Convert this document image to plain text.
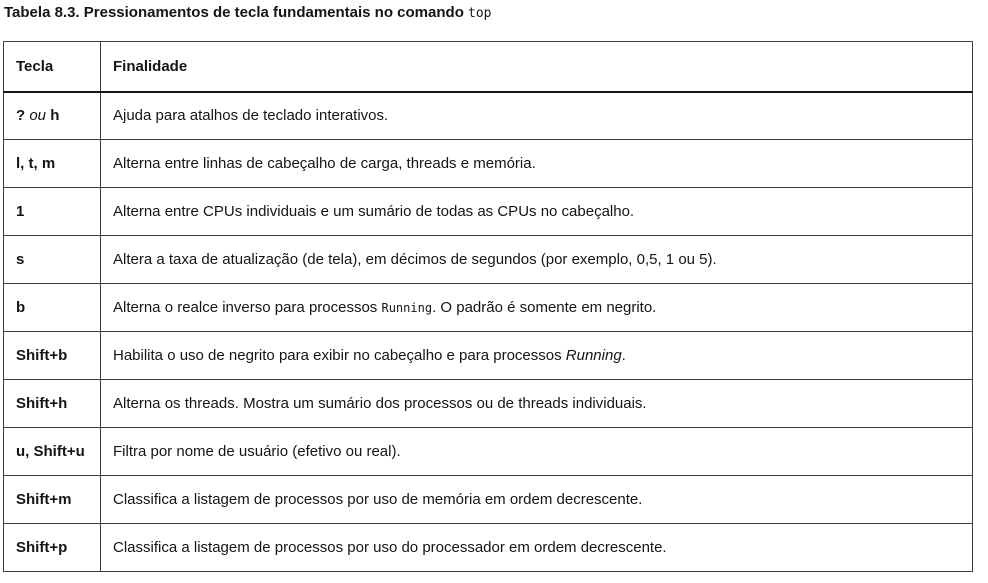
Tabela 8.3. Pressionamentos de tecla fundamentais no comando top
Tecla	Finalidade
? ou h	Ajuda para atalhos de teclado interativos.
l, t, m	Alterna entre linhas de cabeçalho de carga, threads e memória.
1	Alterna entre CPUs individuais e um sumário de todas as CPUs no cabeçalho.
s	Altera a taxa de atualização (de tela), em décimos de segundos (por exemplo, 0,5, 1 ou 5).
b	Alterna o realce inverso para processos Running. O padrão é somente em negrito.
Shift+b	Habilita o uso de negrito para exibir no cabeçalho e para processos Running.
Shift+h	Alterna os threads. Mostra um sumário dos processos ou de threads individuais.
u, Shift+u	Filtra por nome de usuário (efetivo ou real).
Shift+m	Classifica a listagem de processos por uso de memória em ordem decrescente.
Shift+p	Classifica a listagem de processos por uso do processador em ordem decrescente.
